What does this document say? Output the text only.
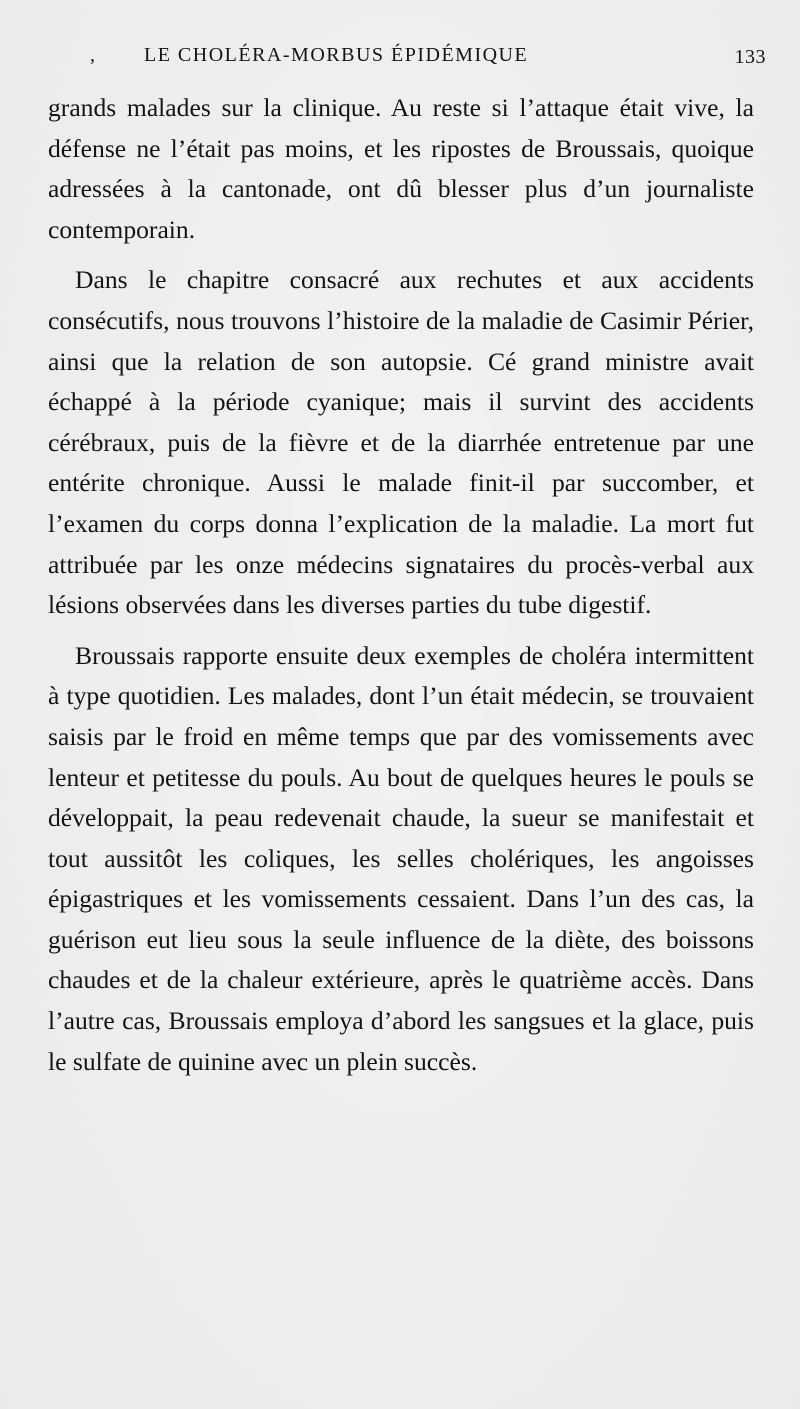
, LE CHOLÉRA-MORBUS ÉPIDÉMIQUE	133

grands malades sur la clinique. Au reste si l’attaque était vive, la défense ne l’était pas moins, et les ripostes de Broussais, quoique adressées à la cantonade, ont dû blesser plus d’un journaliste contemporain.

Dans le chapitre consacré aux rechutes et aux accidents consécutifs, nous trouvons l’histoire de la maladie de Casimir Périer, ainsi que la relation de son autopsie. Cé grand ministre avait échappé à la période cyanique; mais il survint des accidents cérébraux, puis de la fièvre et de la diarrhée entretenue par une entérite chronique. Aussi le malade finit-il par succomber, et l’examen du corps donna l’explication de la maladie. La mort fut attribuée par les onze médecins signataires du procès-verbal aux lésions observées dans les diverses parties du tube digestif.

Broussais rapporte ensuite deux exemples de choléra intermittent à type quotidien. Les malades, dont l’un était médecin, se trouvaient saisis par le froid en même temps que par des vomissements avec lenteur et petitesse du pouls. Au bout de quelques heures le pouls se développait, la peau redevenait chaude, la sueur se manifestait et tout aussitôt les coliques, les selles cholériques, les angoisses épigastriques et les vomissements cessaient. Dans l’un des cas, la guérison eut lieu sous la seule influence de la diète, des boissons chaudes et de la chaleur extérieure, après le quatrième accès. Dans l’autre cas, Broussais employa d’abord les sangsues et la glace, puis le sulfate de quinine avec un plein succès.
